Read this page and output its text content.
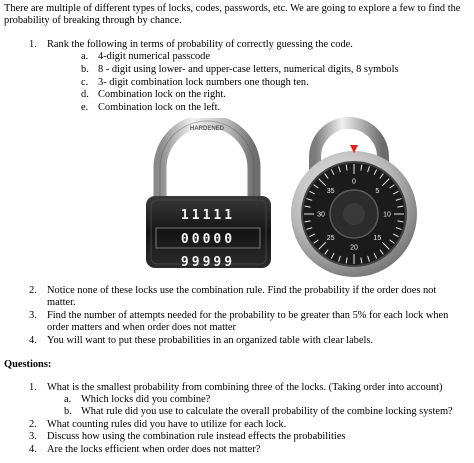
There are multiple of different types of locks, codes, passwords, etc. We are going to explore a few to find the probability of breaking through by chance.
1. Rank the following in terms of probability of correctly guessing the code.
a. 4-digit numerical passcode
b. 8 - digit using lower- and upper-case letters, numerical digits, 8 symbols
c. 3- digit combination lock numbers one though ten.
d. Combination lock on the right.
e. Combination lock on the left.
HARDENED
11111
00000
99999
0
5
10
15
20
25
30
35
2. Notice none of these locks use the combination rule. Find the probability if the order does not
matter.
3. Find the number of attempts needed for the probability to be greater than 5% for each lock when
order matters and when order does not matter
4. You will want to put these probabilities in an organized table with clear labels.
Questions:
1. What is the smallest probability from combining three of the locks. (Taking order into account)
a. Which locks did you combine?
b. What rule did you use to calculate the overall probability of the combine locking system?
2. What counting rules did you have to utilize for each lock.
3. Discuss how using the combination rule instead effects the probabilities
4. Are the locks efficient when order does not matter?
